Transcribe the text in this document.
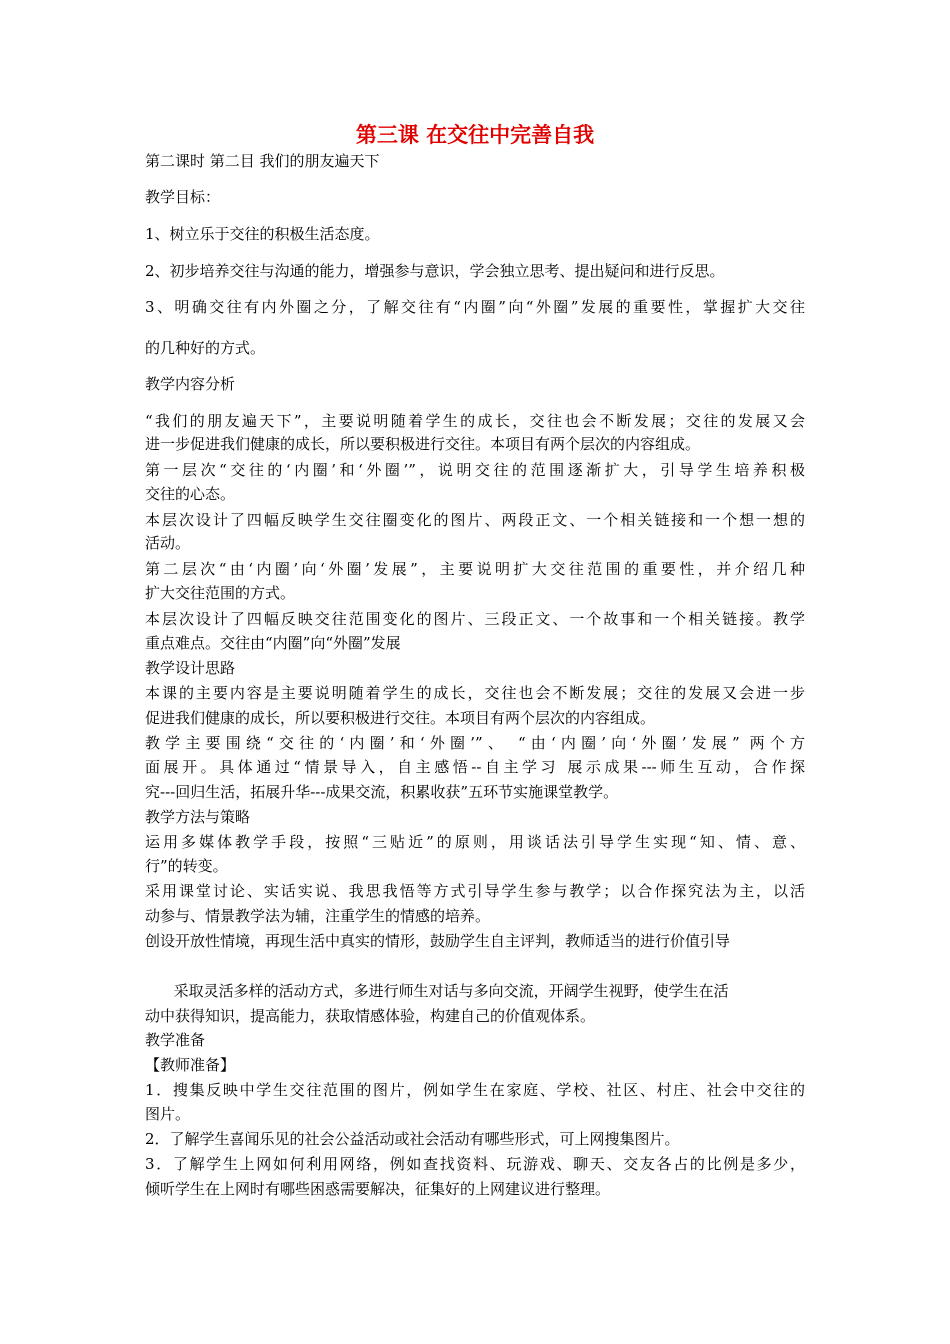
第三课 在交往中完善自我
第二课时 第二目 我们的朋友遍天下
教学目标：
1、树立乐于交往的积极生活态度。
2、初步培养交往与沟通的能力，增强参与意识，学会独立思考、提出疑问和进行反思。
3、明确交往有内外圈之分，了解交往有“内圈”向“外圈”发展的重要性，掌握扩大交往
的几种好的方式。
教学内容分析
“我们的朋友遍天下”，主要说明随着学生的成长，交往也会不断发展；交往的发展又会
进一步促进我们健康的成长，所以要积极进行交往。本项目有两个层次的内容组成。
第一层次“交往的‘内圈’和‘外圈’”，说明交往的范围逐渐扩大，引导学生培养积极
交往的心态。
本层次设计了四幅反映学生交往圈变化的图片、两段正文、一个相关链接和一个想一想的
活动。
第二层次“由‘内圈’向‘外圈’发展”，主要说明扩大交往范围的重要性，并介绍几种
扩大交往范围的方式。
本层次设计了四幅反映交往范围变化的图片、三段正文、一个故事和一个相关链接。教学
重点难点。交往由“内圈”向“外圈”发展
教学设计思路
本课的主要内容是主要说明随着学生的成长，交往也会不断发展；交往的发展又会进一步
促进我们健康的成长，所以要积极进行交往。本项目有两个层次的内容组成。
教学主要围绕“交往的‘内圈’和‘外圈’”、 “由‘内圈’向‘外圈’发展” 两个方
面展开。具体通过“情景导入，自主感悟--自主学习 展示成果---师生互动，合作探
究---回归生活，拓展升华---成果交流，积累收获”五环节实施课堂教学。
教学方法与策略
运用多媒体教学手段，按照“三贴近”的原则，用谈话法引导学生实现“知、情、意、
行”的转变。
采用课堂讨论、实话实说、我思我悟等方式引导学生参与教学；以合作探究法为主，以活
动参与、情景教学法为辅，注重学生的情感的培养。
创设开放性情境，再现生活中真实的情形，鼓励学生自主评判，教师适当的进行价值引导
采取灵活多样的活动方式，多进行师生对话与多向交流，开阔学生视野，使学生在活
动中获得知识，提高能力，获取情感体验，构建自己的价值观体系。
教学准备
【教师准备】
1．搜集反映中学生交往范围的图片，例如学生在家庭、学校、社区、村庄、社会中交往的
图片。
2．了解学生喜闻乐见的社会公益活动或社会活动有哪些形式，可上网搜集图片。
3．了解学生上网如何利用网络，例如查找资料、玩游戏、聊天、交友各占的比例是多少，
倾听学生在上网时有哪些困惑需要解决，征集好的上网建议进行整理。
